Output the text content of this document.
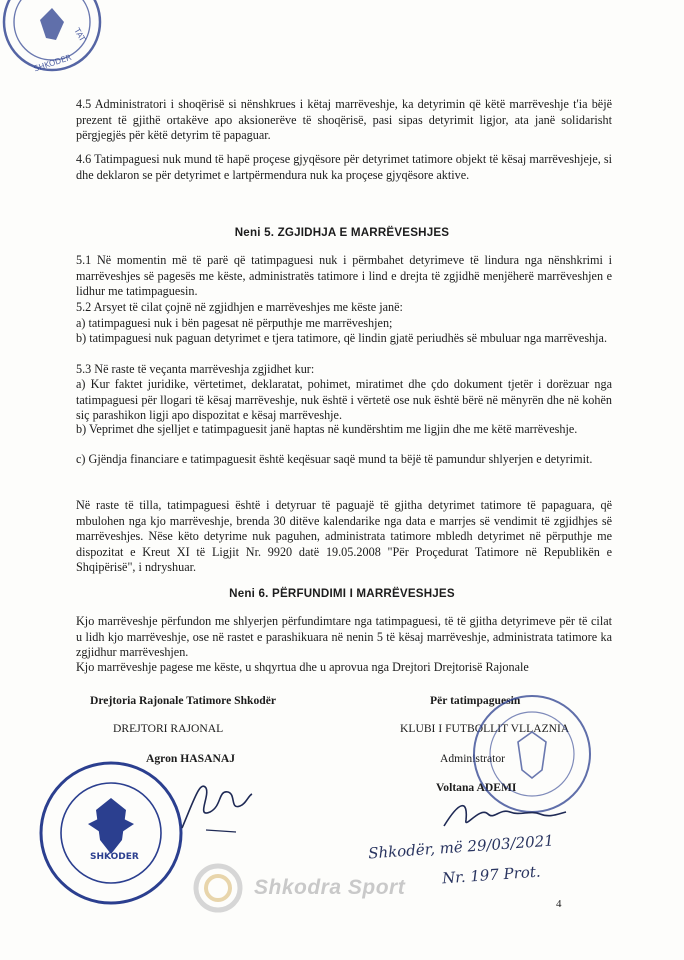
SHKODER
TAT
4.5 Administratori i shoqërisë si nënshkrues i këtaj marrëveshje, ka detyrimin që këtë marrëveshje t'ia bëjë prezent të gjithë ortakëve apo aksionerëve të shoqërisë, pasi sipas detyrimit ligjor, ata janë solidarisht përgjegjës për këtë detyrim të papaguar.
4.6 Tatimpaguesi nuk mund të hapë proçese gjyqësore për detyrimet tatimore objekt të kësaj marrëveshjeje, si dhe deklaron se për detyrimet e lartpërmendura nuk ka proçese gjyqësore aktive.
Neni 5. ZGJIDHJA E MARRËVESHJES
5.1 Në momentin më të parë që tatimpaguesi nuk i përmbahet detyrimeve të lindura nga nënshkrimi i marrëveshjes së pagesës me këste, administratës tatimore i lind e drejta të zgjidhë menjëherë marrëveshjen e lidhur me tatimpaguesin.
5.2 Arsyet të cilat çojnë në zgjidhjen e marrëveshjes me këste janë:
a) tatimpaguesi nuk i bën pagesat në përputhje me marrëveshjen;
b) tatimpaguesi nuk paguan detyrimet e tjera tatimore, që lindin gjatë periudhës së mbuluar nga marrëveshja.
5.3 Në raste të veçanta marrëveshja zgjidhet kur:
a) Kur faktet juridike, vërtetimet, deklaratat, pohimet, miratimet dhe çdo dokument tjetër i dorëzuar nga tatimpaguesi për llogari të kësaj marrëveshje, nuk është i vërtetë ose nuk është bërë në mënyrën dhe në kohën siç parashikon ligji apo dispozitat e kësaj marrëveshje.
b) Veprimet dhe sjelljet e tatimpaguesit janë haptas në kundërshtim me ligjin dhe me këtë marrëveshje.
c) Gjëndja financiare e tatimpaguesit është keqësuar saqë mund ta bëjë të pamundur shlyerjen e detyrimit.
Në raste të tilla, tatimpaguesi është i detyruar të paguajë të gjitha detyrimet tatimore të papaguara, që mbulohen nga kjo marrëveshje, brenda 30 ditëve kalendarike nga data e marrjes së vendimit të zgjidhjes së marrëveshjes. Nëse këto detyrime nuk paguhen, administrata tatimore mbledh detyrimet në përputhje me dispozitat e Kreut XI të Ligjit Nr. 9920 datë 19.05.2008 "Për Proçedurat Tatimore në Republikën e Shqipërisë", i ndryshuar.
Neni 6. PËRFUNDIMI I MARRËVESHJES
Kjo marrëveshje përfundon me shlyerjen përfundimtare nga tatimpaguesi, të të gjitha detyrimeve për të cilat u lidh kjo marrëveshje, ose në rastet e parashikuara në nenin 5 të kësaj marrëveshje, administrata tatimore ka zgjidhur marrëveshjen.
Kjo marrëveshje pagese me këste, u shqyrtua dhe u aprovua nga Drejtori Drejtorisë Rajonale
Drejtoria Rajonale Tatimore Shkodër
DREJTORI RAJONAL
Agron HASANAJ
Për tatimpaguesin
KLUBI I FUTBOLLIT VLLAZNIA
Administrator
Voltana ADEMI
SHKODER	Shkodër, më 29/03/2021
Nr. 197 Prot.
Shkodra Sport
4
